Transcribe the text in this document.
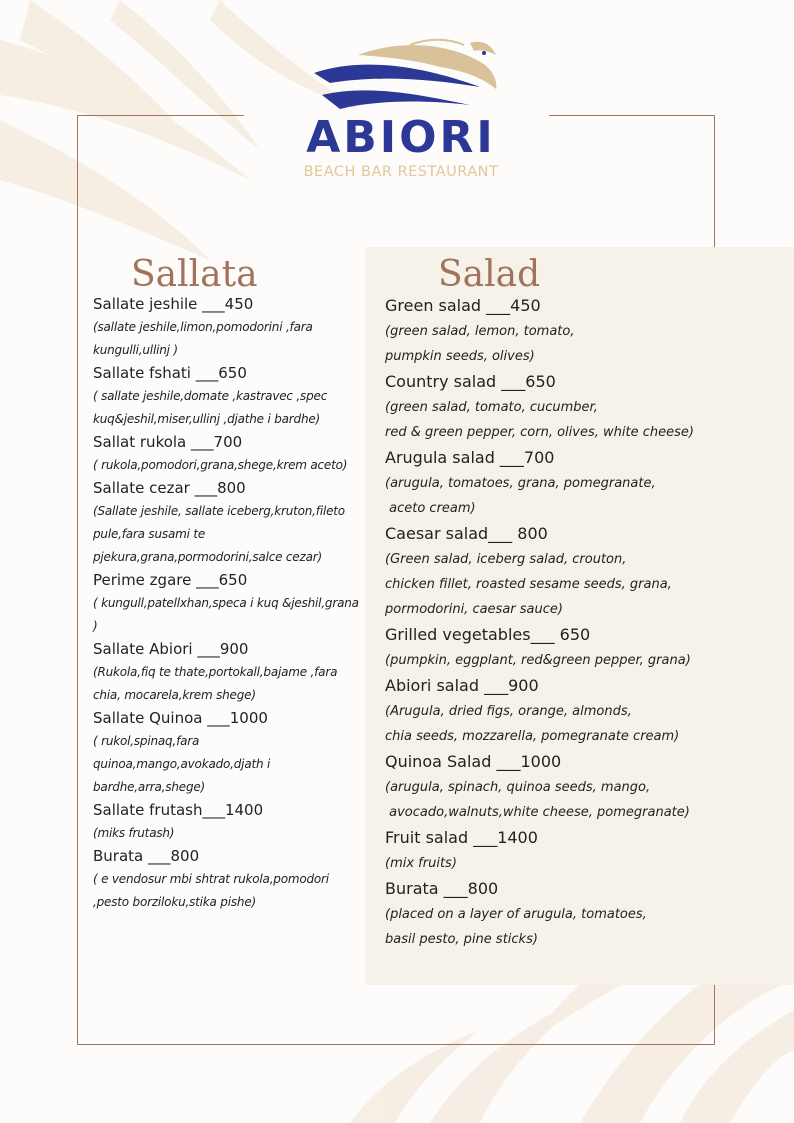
ABIORI
BEACH BAR RESTAURANT
Sallata	Salad
Sallate jeshile ___450
(sallate jeshile,limon,pomodorini ,fara kungulli,ullinj )
Sallate fshati ___650
( sallate jeshile,domate ,kastravec ,spec kuq&jeshil,miser,ullinj ,djathe i bardhe)
Sallat rukola ___700
( rukola,pomodori,grana,shege,krem aceto)
Sallate cezar ___800
(Sallate jeshile, sallate iceberg,kruton,fileto pule,fara susami te pjekura,grana,pormodorini,salce cezar)
Perime zgare ___650
( kungull,patellxhan,speca i kuq &jeshil,grana )
Sallate Abiori ___900
(Rukola,fiq te thate,portokall,bajame ,fara chia, mocarela,krem shege)
Sallate Quinoa ___1000
( rukol,spinaq,fara quinoa,mango,avokado,djath i bardhe,arra,shege)
Sallate frutash___1400
(miks frutash)
Burata ___800
( e vendosur mbi shtrat rukola,pomodori ,pesto borziloku,stika pishe)
Green salad ___450
(green salad, lemon, tomato,
pumpkin seeds, olives)
Country salad ___650
(green salad, tomato, cucumber,
red & green pepper, corn, olives, white cheese)
Arugula salad ___700
(arugula, tomatoes, grana, pomegranate,
aceto cream)
Caesar salad___ 800
(Green salad, iceberg salad, crouton,
chicken fillet, roasted sesame seeds, grana,
pormodorini, caesar sauce)
Grilled vegetables___ 650
(pumpkin, eggplant, red&green pepper, grana)
Abiori salad ___900
(Arugula, dried figs, orange, almonds,
chia seeds, mozzarella, pomegranate cream)
Quinoa Salad ___1000
(arugula, spinach, quinoa seeds, mango,
avocado,walnuts,white cheese, pomegranate)
Fruit salad ___1400
(mix fruits)
Burata ___800
(placed on a layer of arugula, tomatoes,
basil pesto, pine sticks)
